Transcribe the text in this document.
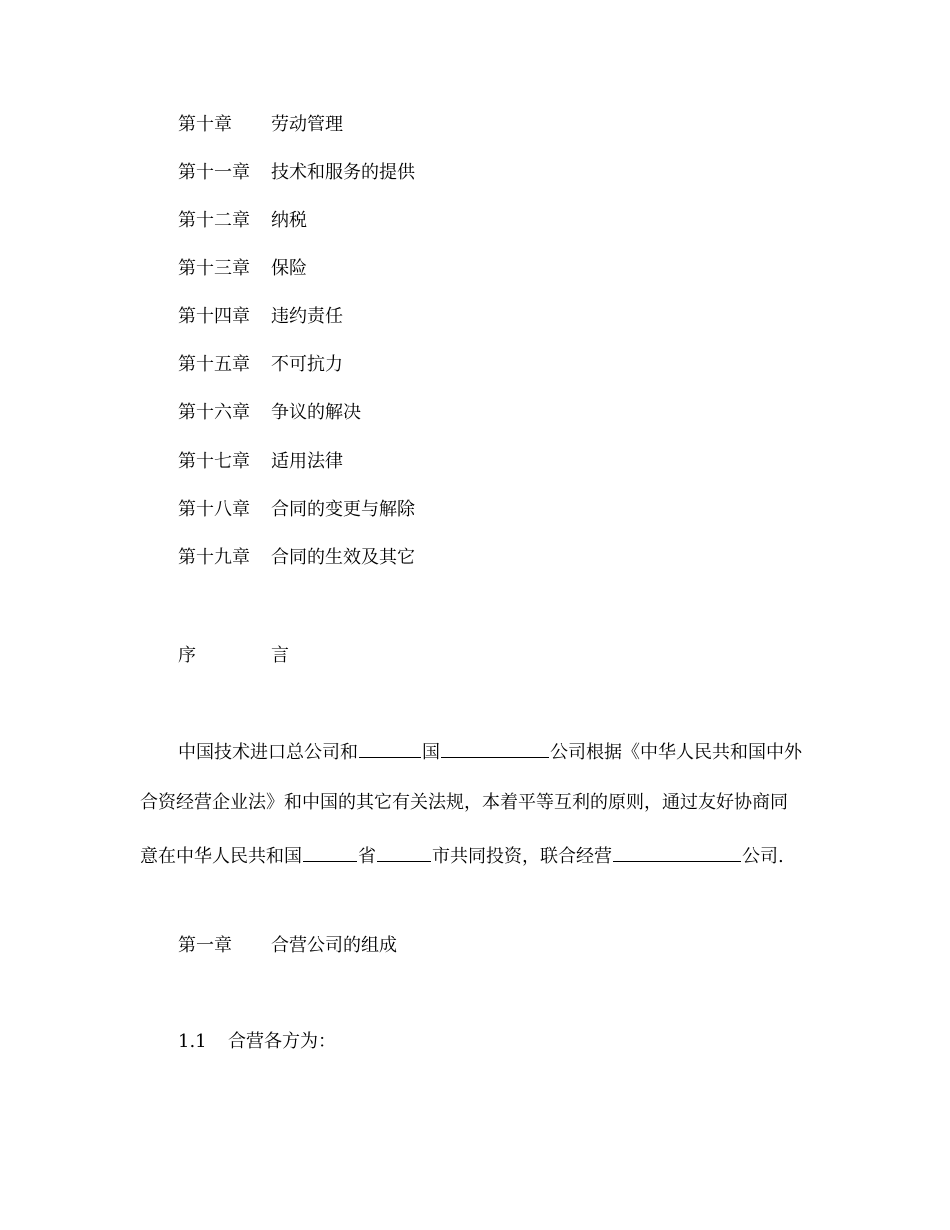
第十章 劳动管理
第十一章 技术和服务的提供
第十二章 纳税
第十三章 保险
第十四章 违约责任
第十五章 不可抗力
第十六章 争议的解决
第十七章 适用法律
第十八章 合同的变更与解除
第十九章 合同的生效及其它
序	言
中国技术进口总公司和	国	公司根据《中华人民共和国中外
合资经营企业法》和中国的其它有关法规，本着平等互利的原则，通过友好协商同
意在中华人民共和国	省	市共同投资，联合经营	公司.
第一章 合营公司的组成
1.1 合营各方为：
